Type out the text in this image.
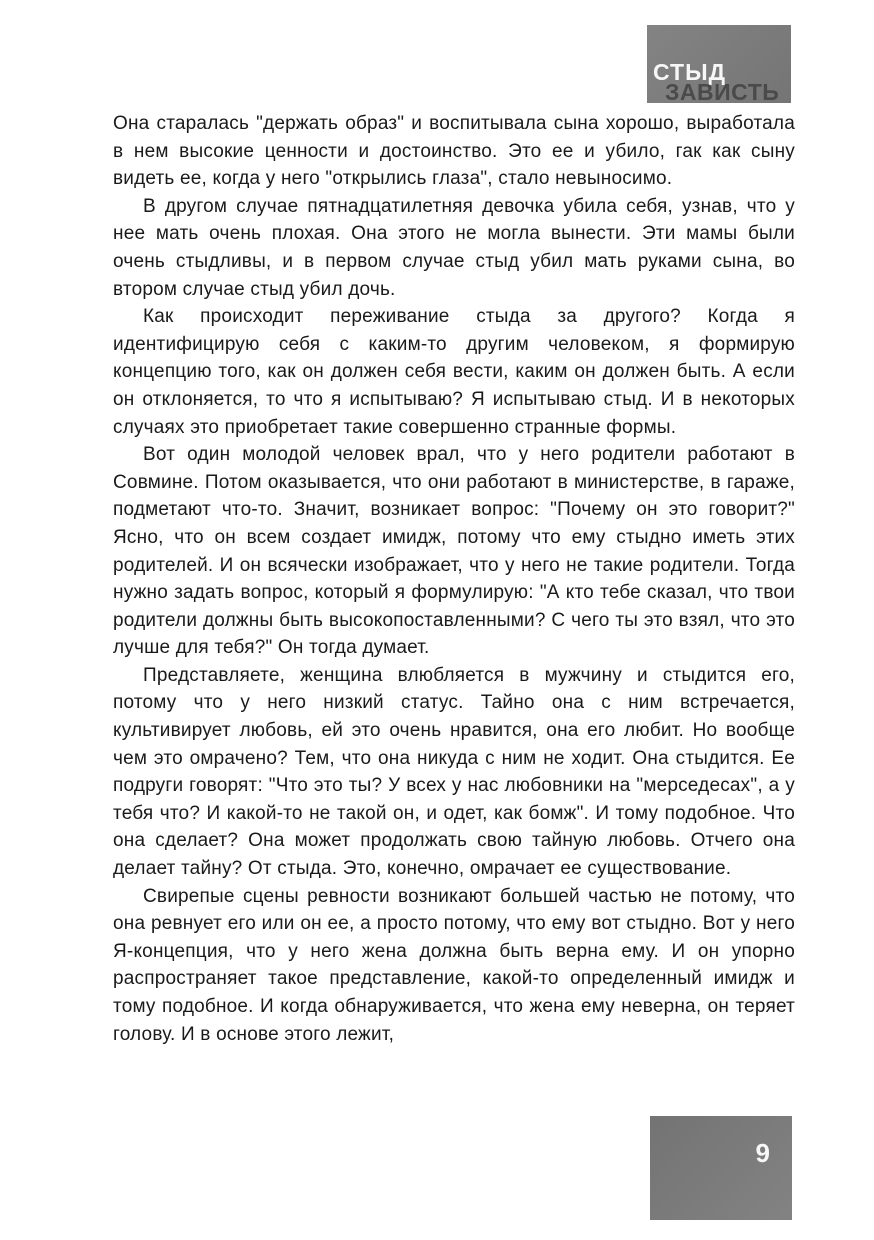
СТЫД
ЗАВИСТЬ

Она старалась "держать образ" и воспитывала сына хорошо, выработала в нем высокие ценности и достоинство. Это ее и убило, гак как сыну видеть ее, когда у него "открылись глаза", стало невыносимо.

В другом случае пятнадцатилетняя девочка убила себя, узнав, что у нее мать очень плохая. Она этого не могла вынести. Эти мамы были очень стыдливы, и в первом случае стыд убил мать руками сына, во втором случае стыд убил дочь.

Как происходит переживание стыда за другого? Когда я идентифицирую себя с каким-то другим человеком, я формирую концепцию того, как он должен себя вести, каким он должен быть. А если он отклоняется, то что я испытываю? Я испытываю стыд. И в некоторых случаях это приобретает такие совершенно странные формы.

Вот один молодой человек врал, что у него родители работают в Совмине. Потом оказывается, что они работают в министерстве, в гараже, подметают что-то. Значит, возникает вопрос: "Почему он это говорит?" Ясно, что он всем создает имидж, потому что ему стыдно иметь этих родителей. И он всячески изображает, что у него не такие родители. Тогда нужно задать вопрос, который я формулирую: "А кто тебе сказал, что твои родители должны быть высокопоставленными? С чего ты это взял, что это лучше для тебя?" Он тогда думает.

Представляете, женщина влюбляется в мужчину и стыдится его, потому что у него низкий статус. Тайно она с ним встречается, культивирует любовь, ей это очень нравится, она его любит. Но вообще чем это омрачено? Тем, что она никуда с ним не ходит. Она стыдится. Ее подруги говорят: "Что это ты? У всех у нас любовники на "мерседесах", а у тебя что? И какой-то не такой он, и одет, как бомж". И тому подобное. Что она сделает? Она может продолжать свою тайную любовь. Отчего она делает тайну? От стыда. Это, конечно, омрачает ее существование.

Свирепые сцены ревности возникают большей частью не потому, что она ревнует его или он ее, а просто потому, что ему вот стыдно. Вот у него Я-концепция, что у него жена должна быть верна ему. И он упорно распространяет такое представление, какой-то определенный имидж и тому подобное. И когда обнаруживается, что жена ему неверна, он теряет голову. И в основе этого лежит,

9
